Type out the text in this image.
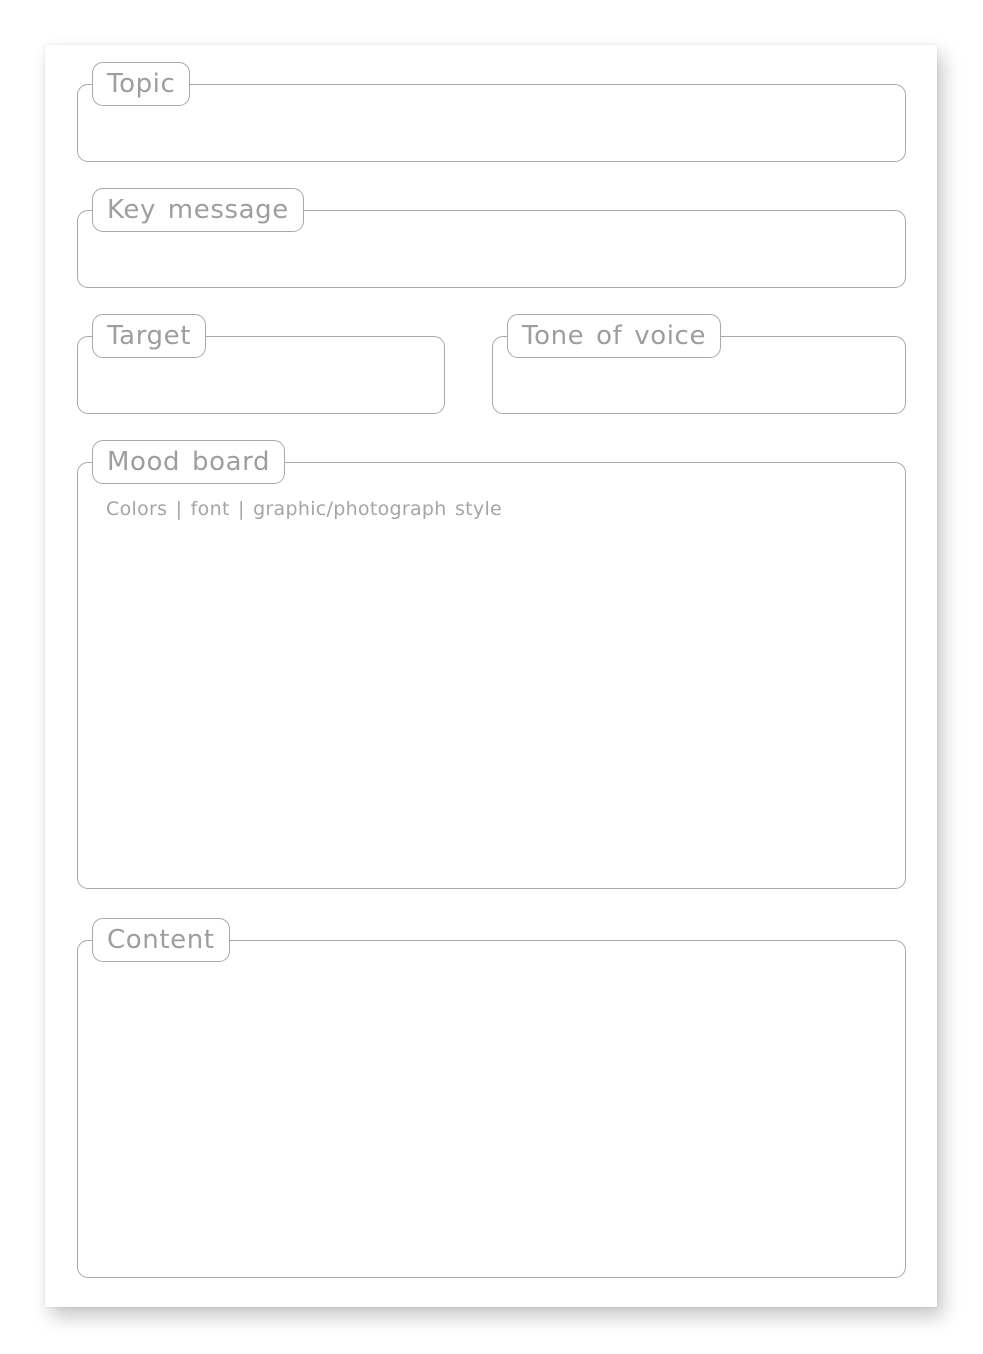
Topic
Key message
Target	Tone of voice
Mood board
Colors | font | graphic/photograph style
Content
